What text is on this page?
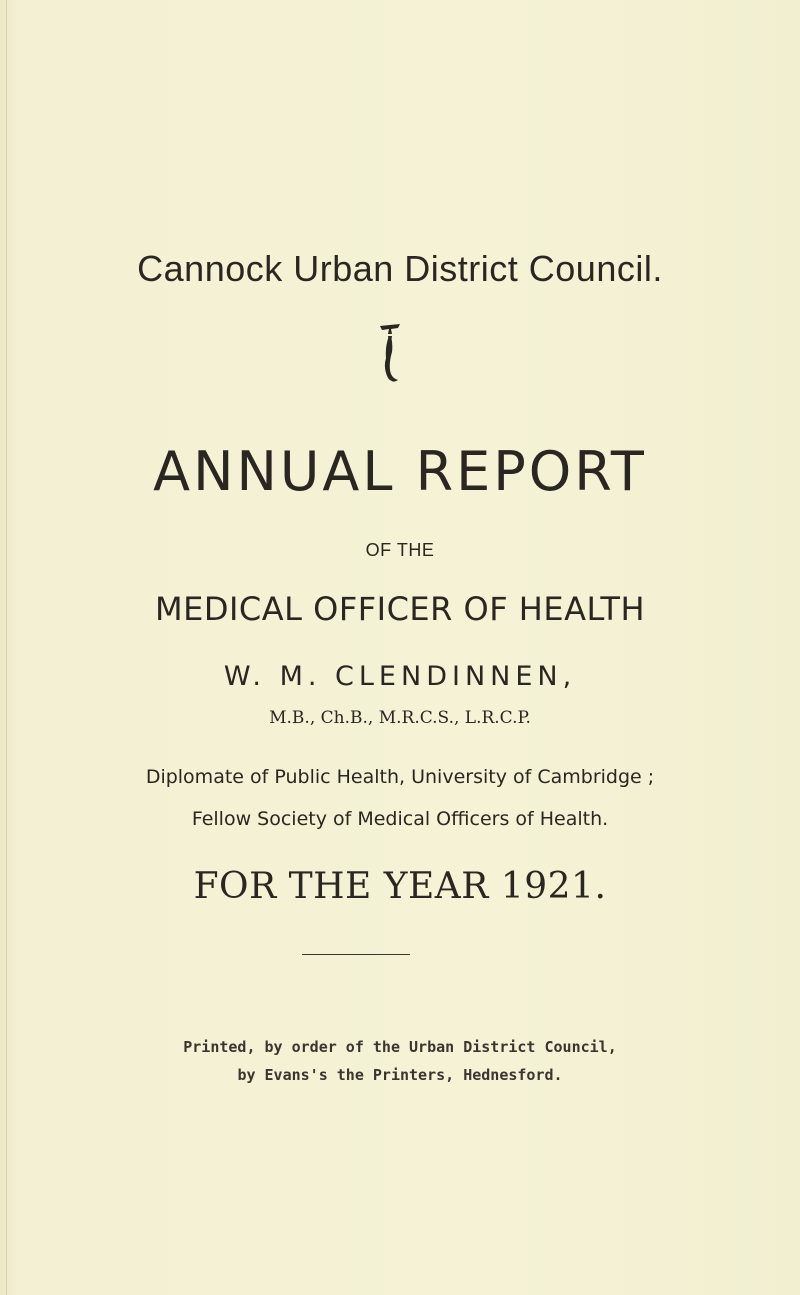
Cannock Urban District Council.
ANNUAL REPORT
OF THE
MEDICAL OFFICER OF HEALTH
W. M. CLENDINNEN,
M.B., Ch.B., M.R.C.S., L.R.C.P.
Diplomate of Public Health, University of Cambridge ;
Fellow Society of Medical Officers of Health.
FOR THE YEAR 1921.
Printed, by order of the Urban District Council,
by Evans's the Printers, Hednesford.
